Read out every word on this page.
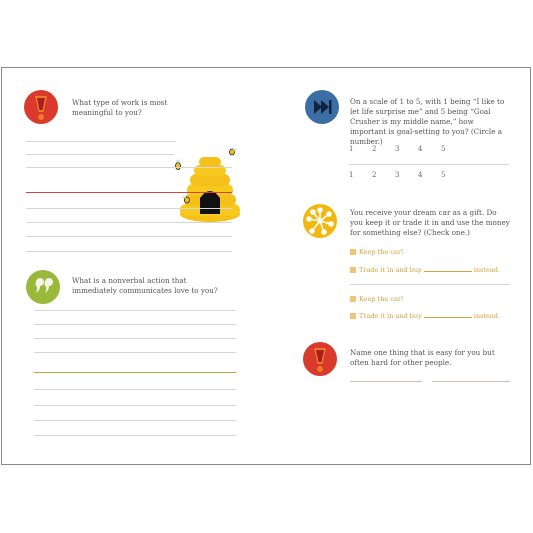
What type of work is most meaningful to you?
What is a nonverbal action that immediately communicates love to you?
On a scale of 1 to 5, with 1 being “I like to let life surprise me” and 5 being “Goal Crusher is my middle name,” how important is goal-setting to you? (Circle a number.)
1	2	3	4	5
1	2	3	4	5
You receive your dream car as a gift. Do you keep it or trade it in and use the money for something else? (Check one.)
Keep the car!
Trade it in and buy	instead.
Keep the car!
Trade it in and buy	instead.
Name one thing that is easy for you but often hard for other people.
